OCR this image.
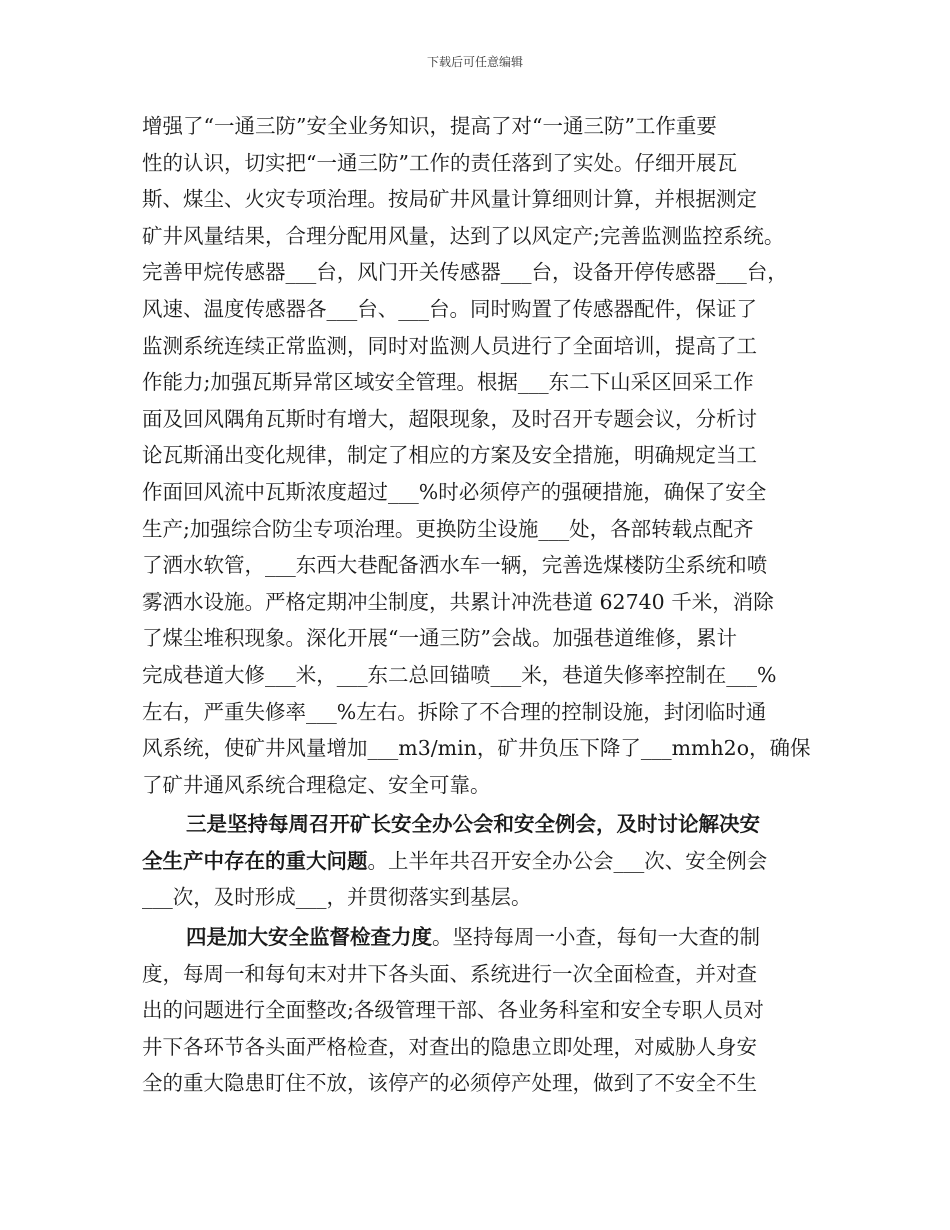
下载后可任意编辑
增强了“一通三防”安全业务知识，提高了对“一通三防”工作重要
性的认识，切实把“一通三防”工作的责任落到了实处。仔细开展瓦
斯、煤尘、火灾专项治理。按局矿井风量计算细则计算，并根据测定
矿井风量结果，合理分配用风量，达到了以风定产;完善监测监控系统。
完善甲烷传感器___台，风门开关传感器___台，设备开停传感器___台，
风速、温度传感器各___台、___台。同时购置了传感器配件，保证了
监测系统连续正常监测，同时对监测人员进行了全面培训，提高了工
作能力;加强瓦斯异常区域安全管理。根据___东二下山采区回采工作
面及回风隅角瓦斯时有增大，超限现象，及时召开专题会议，分析讨
论瓦斯涌出变化规律，制定了相应的方案及安全措施，明确规定当工
作面回风流中瓦斯浓度超过___%时必须停产的强硬措施，确保了安全
生产;加强综合防尘专项治理。更换防尘设施___处，各部转载点配齐
了洒水软管，___东西大巷配备洒水车一辆，完善选煤楼防尘系统和喷
雾洒水设施。严格定期冲尘制度，共累计冲洗巷道 62740 千米，消除
了煤尘堆积现象。深化开展“一通三防”会战。加强巷道维修，累计
完成巷道大修___米，___东二总回锚喷___米，巷道失修率控制在___%
左右，严重失修率___%左右。拆除了不合理的控制设施，封闭临时通
风系统，使矿井风量增加___m3/min，矿井负压下降了___mmh2o，确保
了矿井通风系统合理稳定、安全可靠。
三是坚持每周召开矿长安全办公会和安全例会，及时讨论解决安
全生产中存在的重大问题。上半年共召开安全办公会___次、安全例会
___次，及时形成___，并贯彻落实到基层。
四是加大安全监督检查力度。坚持每周一小查，每旬一大查的制
度，每周一和每旬末对井下各头面、系统进行一次全面检查，并对查
出的问题进行全面整改;各级管理干部、各业务科室和安全专职人员对
井下各环节各头面严格检查，对查出的隐患立即处理，对威胁人身安
全的重大隐患盯住不放，该停产的必须停产处理，做到了不安全不生
